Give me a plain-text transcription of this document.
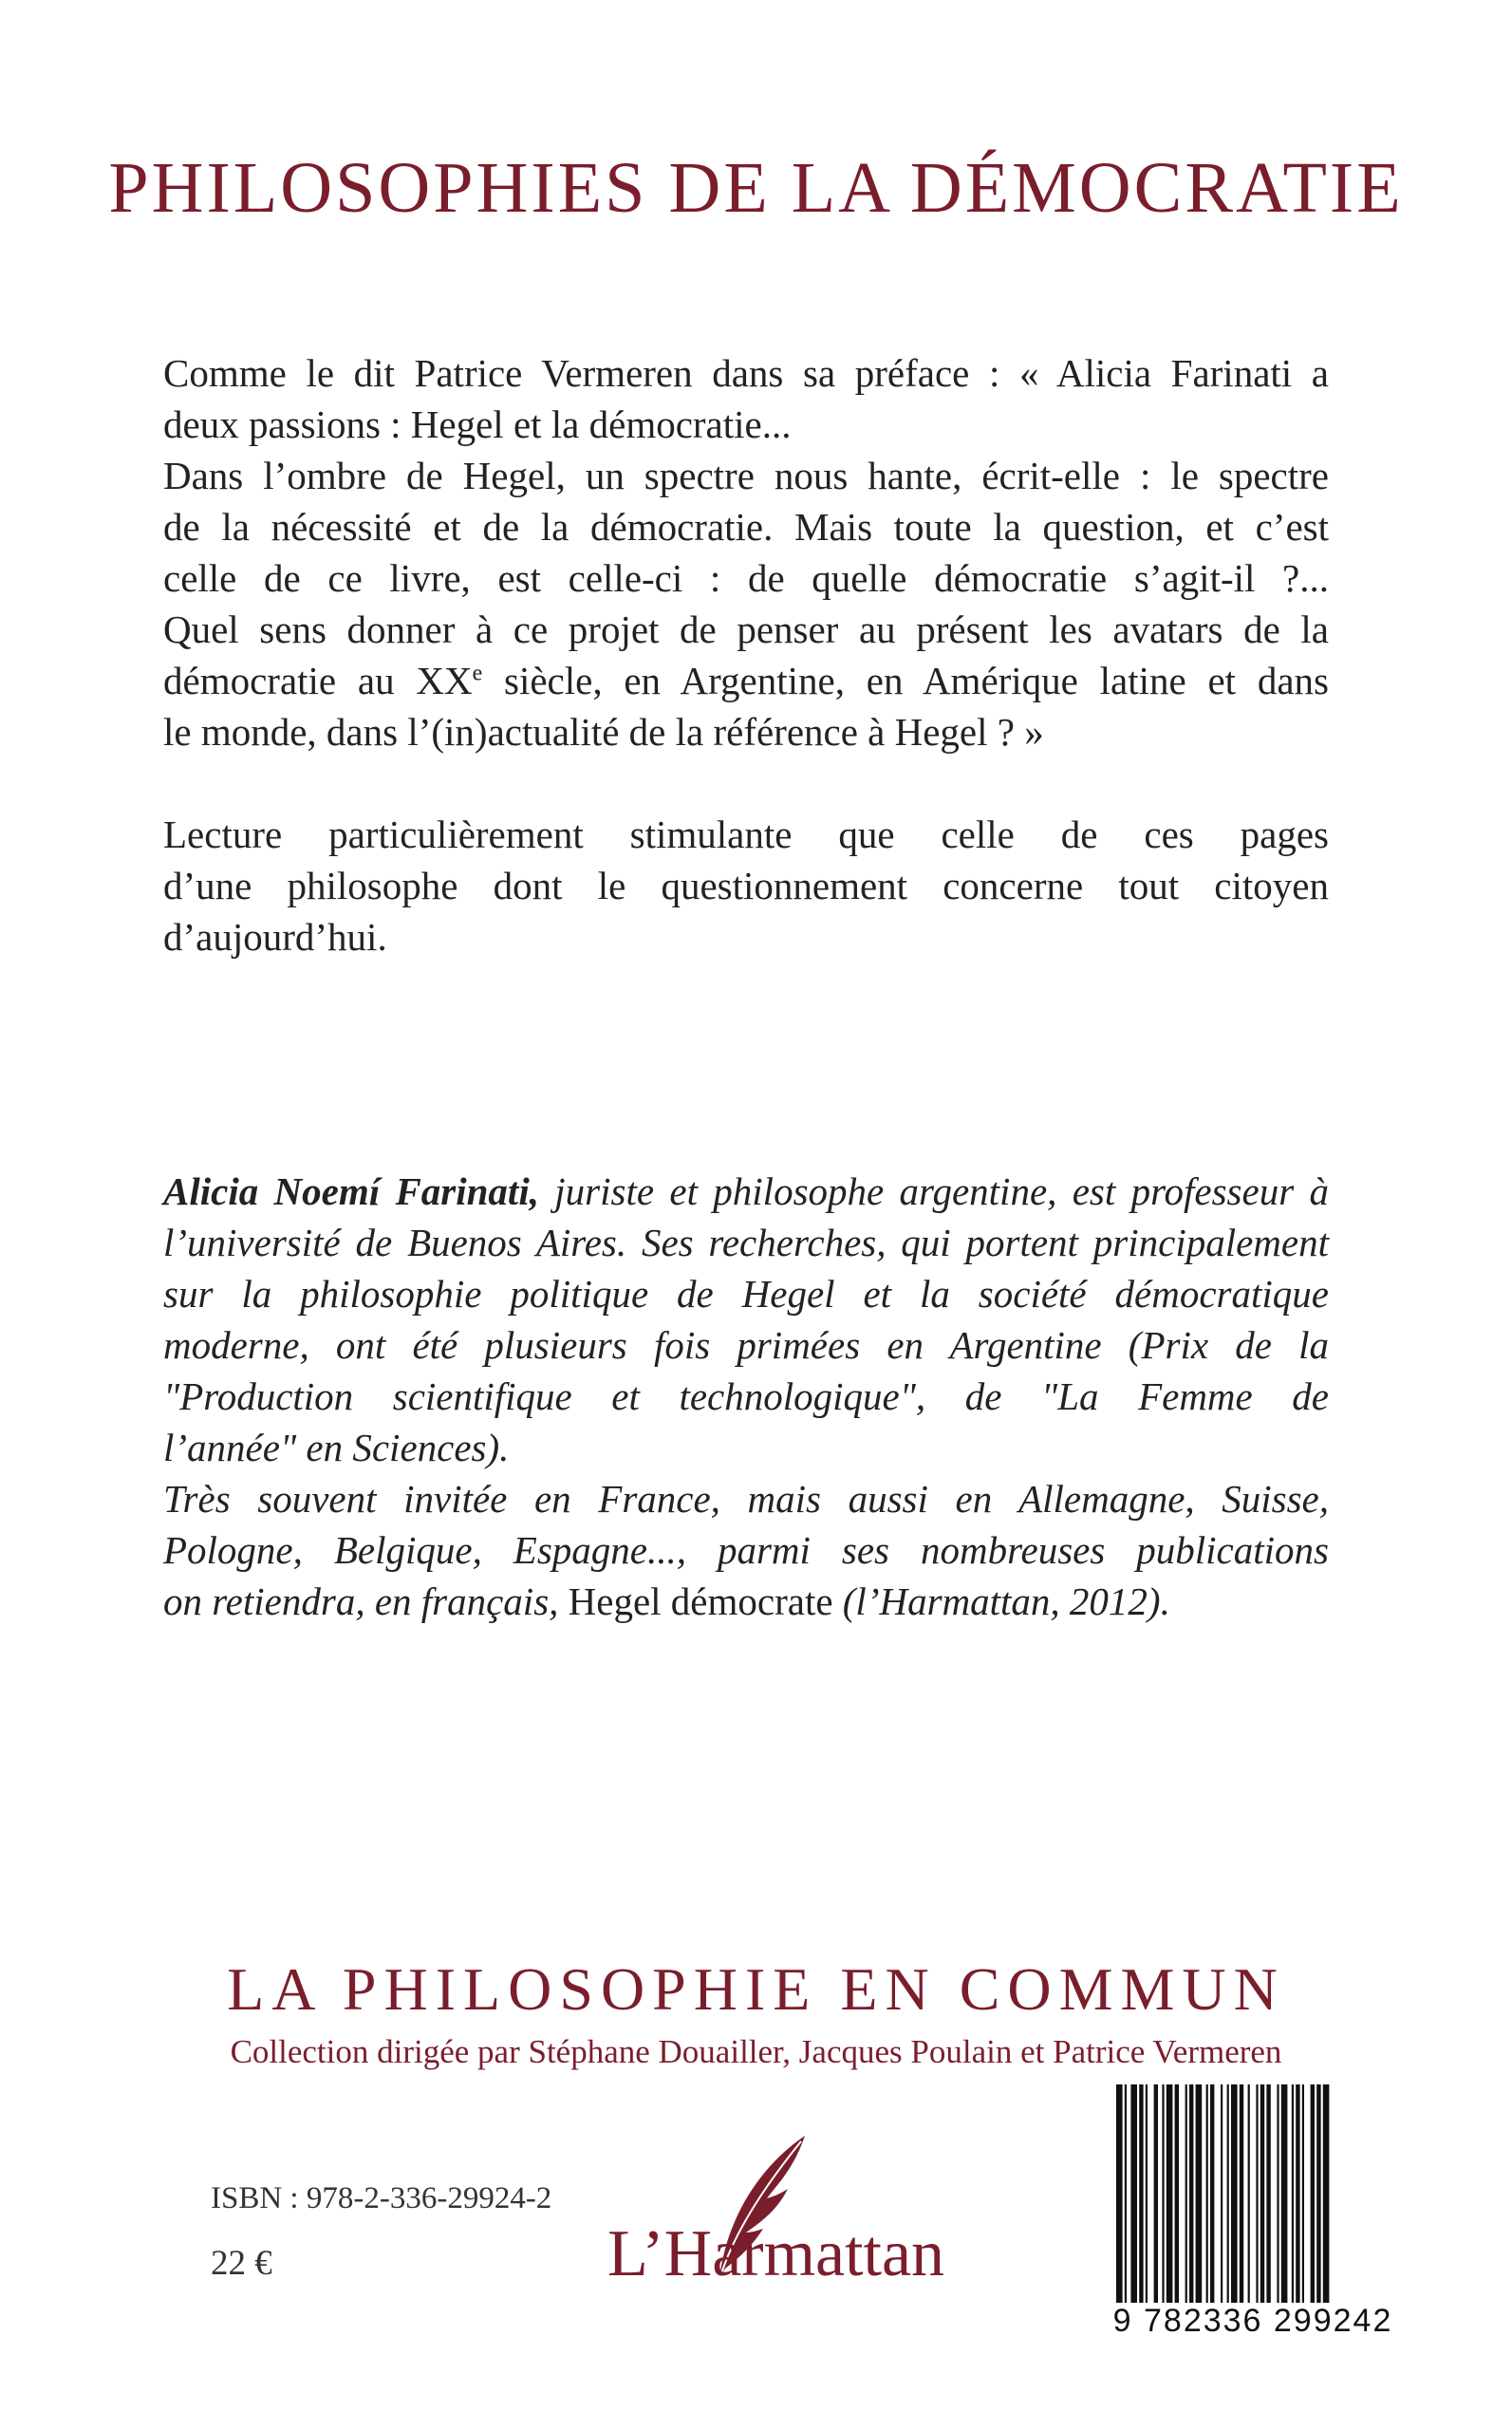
PHILOSOPHIES DE LA DÉMOCRATIE

Comme le dit Patrice Vermeren dans sa préface : « Alicia Farinati a
deux passions : Hegel et la démocratie...
Dans l’ombre de Hegel, un spectre nous hante, écrit-elle : le spectre
de la nécessité et de la démocratie. Mais toute la question, et c’est
celle de ce livre, est celle-ci : de quelle démocratie s’agit-il ?...
Quel sens donner à ce projet de penser au présent les avatars de la
démocratie au XXe siècle, en Argentine, en Amérique latine et dans
le monde, dans l’(in)actualité de la référence à Hegel ? »

Lecture particulièrement stimulante que celle de ces pages
d’une philosophe dont le questionnement concerne tout citoyen
d’aujourd’hui.

Alicia Noemí Farinati, juriste et philosophe argentine, est professeur à
l’université de Buenos Aires. Ses recherches, qui portent principalement
sur la philosophie politique de Hegel et la société démocratique
moderne, ont été plusieurs fois primées en Argentine (Prix de la
"Production scientifique et technologique", de "La Femme de
l’année" en Sciences).
Très souvent invitée en France, mais aussi en Allemagne, Suisse,
Pologne, Belgique, Espagne..., parmi ses nombreuses publications
on retiendra, en français, Hegel démocrate (l’Harmattan, 2012).
LA PHILOSOPHIE EN COMMUN
Collection dirigée par Stéphane Douailler, Jacques Poulain et Patrice Vermeren
ISBN : 978-2-336-29924-2
22 €	L’Harmattan
9 782336 299242
